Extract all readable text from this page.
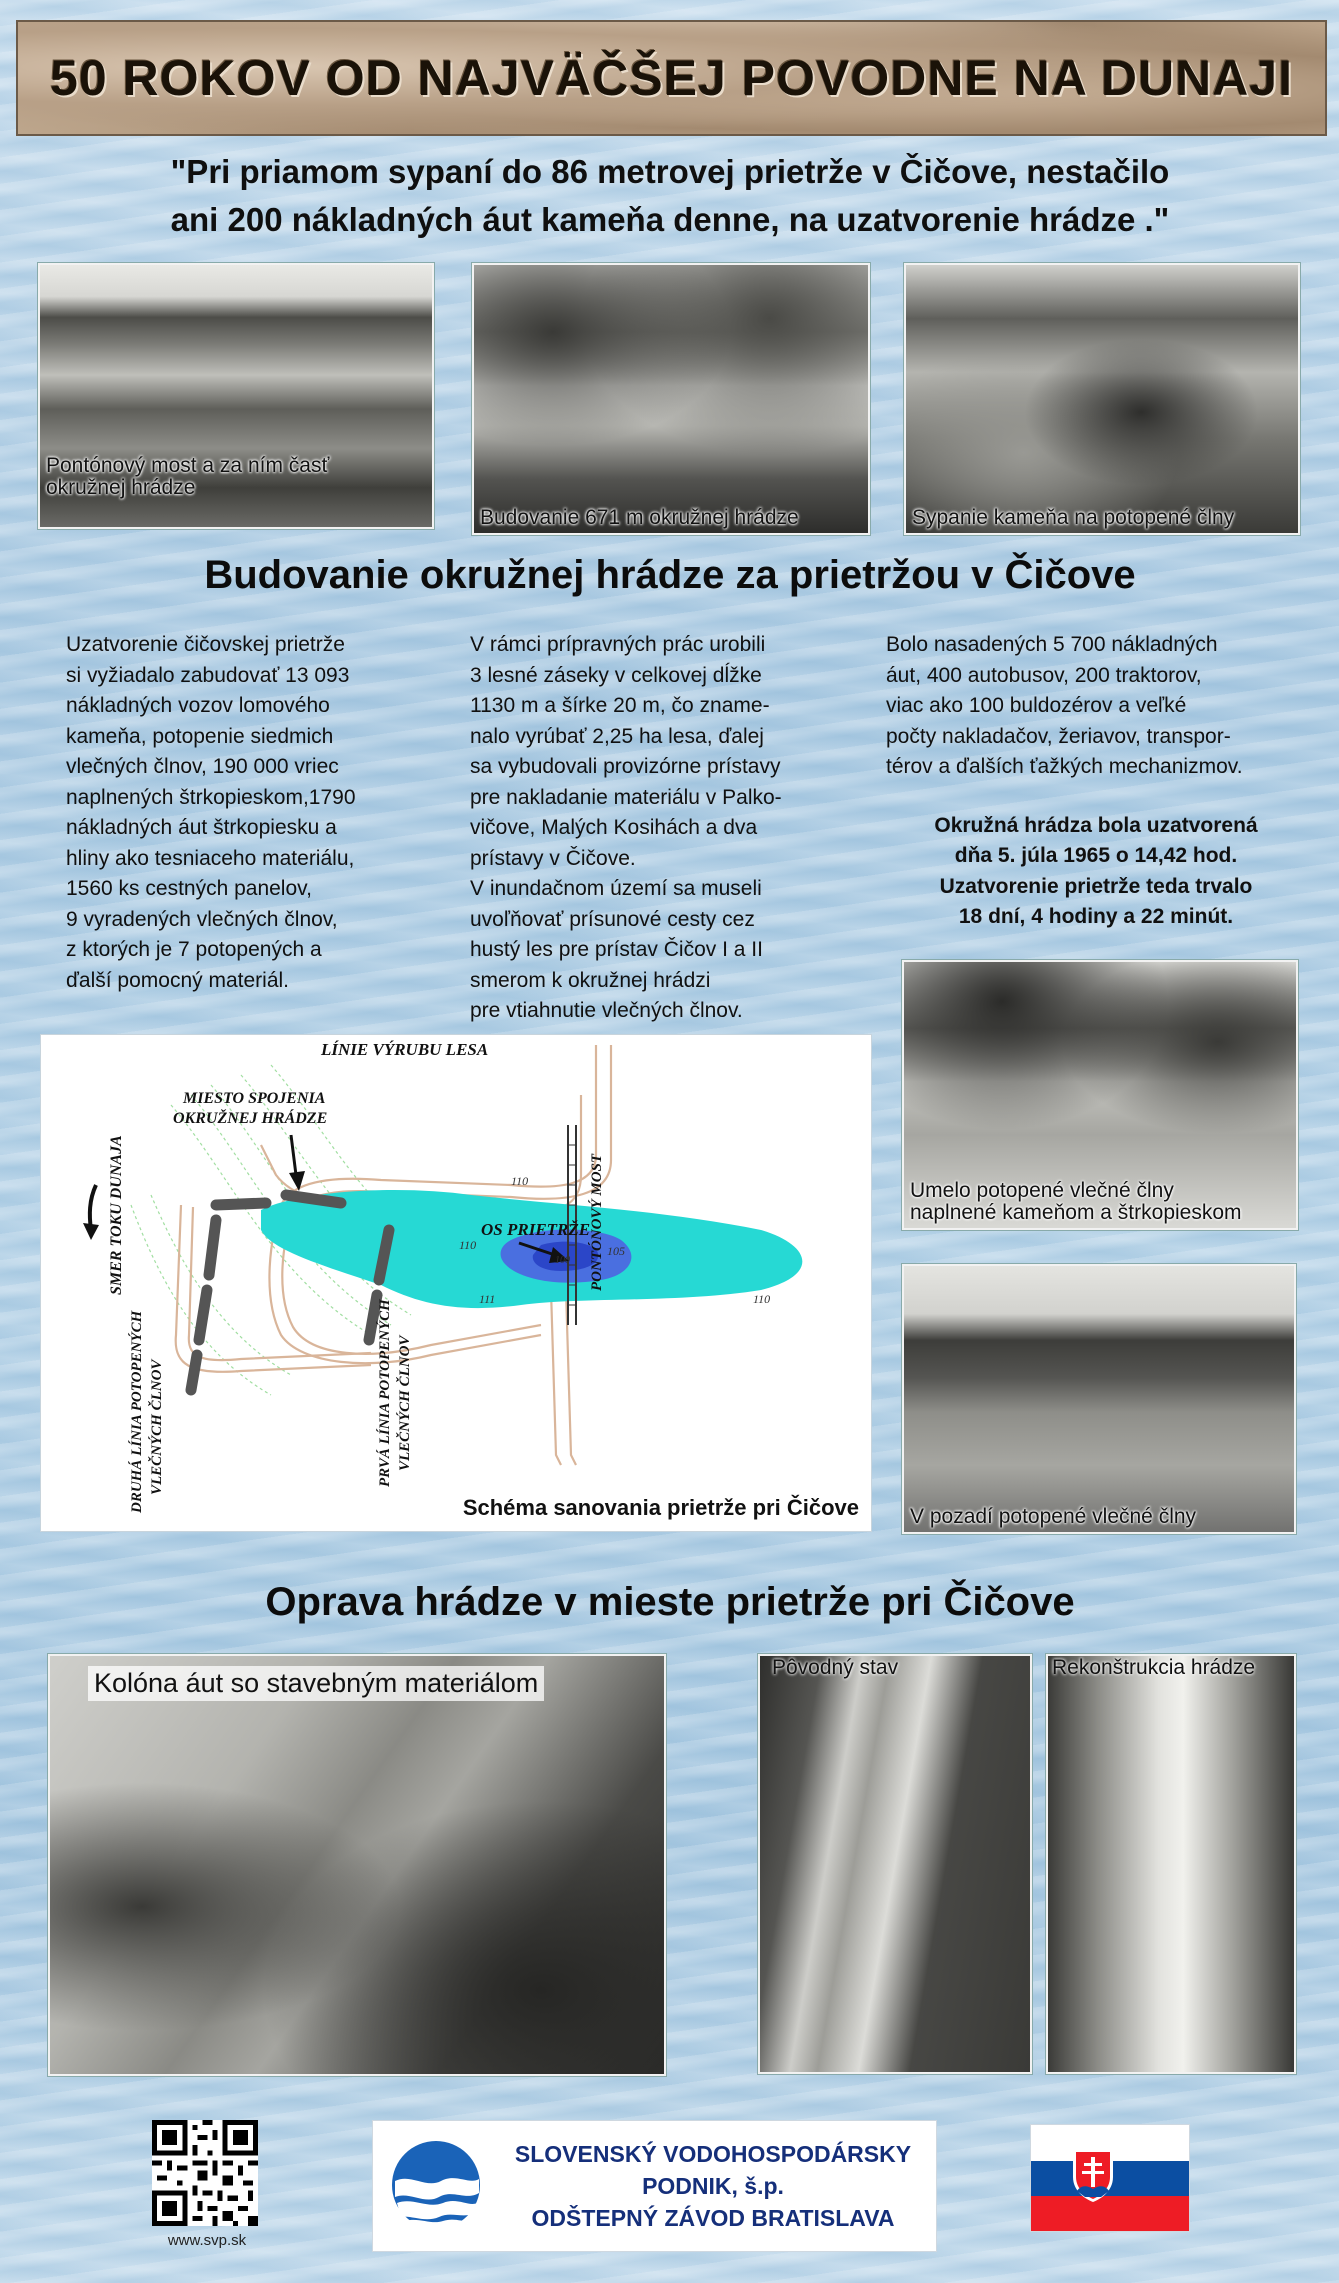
50 ROKOV OD NAJVÄČŠEJ POVODNE NA DUNAJI
"Pri priamom sypaní do 86 metrovej prietrže v Čičove, nestačilo
ani 200 nákladných áut kameňa denne, na uzatvorenie hrádze ."
Pontónový most a za ním časť
okružnej hrádze
Budovanie 671 m okružnej hrádze	Sypanie kameňa na potopené člny
Budovanie okružnej hrádze za prietržou v Čičove

Uzatvorenie čičovskej prietrže

si vyžiadalo zabudovať 13 093

nákladných vozov lomového

kameňa, potopenie siedmich

vlečných člnov, 190 000 vriec

naplnených štrkopieskom,1790

nákladných áut štrkopiesku a

hliny ako tesniaceho materiálu,

1560 ks cestných panelov,

9 vyradených vlečných člnov,

z ktorých je 7 potopených a

ďalší pomocný materiál.

V rámci prípravných prác urobili

3 lesné záseky v celkovej dĺžke

1130 m a šírke 20 m, čo zname-

nalo vyrúbať 2,25 ha lesa, ďalej

sa vybudovali provizórne prístavy

pre nakladanie materiálu v Palko-

vičove, Malých Kosihách a dva

prístavy v Čičove.

V inundačnom území sa museli

uvoľňovať prísunové cesty cez

hustý les pre prístav Čičov I a II

smerom k okružnej hrádzi

pre vtiahnutie vlečných člnov.

Bolo nasadených 5 700 nákladných

áut, 400 autobusov, 200 traktorov,

viac ako 100 buldozérov a veľké

počty nakladačov, žeriavov, transpor-

térov a ďalších ťažkých mechanizmov.

Okružná hrádza bola uzatvorená

dňa 5. júla 1965 o 14,42 hod.

Uzatvorenie prietrže teda trvalo

18 dní, 4 hodiny a 22 minút.

LÍNIE VÝRUBU LESA
MIESTO SPOJENIA
OKRUŽNEJ HRÁDZE
OS PRIETRŽE
SMER TOKU DUNAJA
DRUHÁ LÍNIA POTOPENÝCH VLEČNÝCH ČLNOV	PRVÁ LÍNIA POTOPENÝCH VLEČNÝCH ČLNOV
PONTÓNOVÝ MOST
110
110
111	110
105
100
Schéma sanovania prietrže pri Čičove
Umelo potopené vlečné člny
naplnené kameňom a štrkopieskom
V pozadí potopené vlečné člny
Oprava hrádze v mieste prietrže pri Čičove
Kolóna áut so stavebným materiálom
Pôvodný stav	Rekonštrukcia hrádze
www.svp.sk
SLOVENSKÝ VODOHOSPODÁRSKY
PODNIK, š.p.
ODŠTEPNÝ ZÁVOD BRATISLAVA
